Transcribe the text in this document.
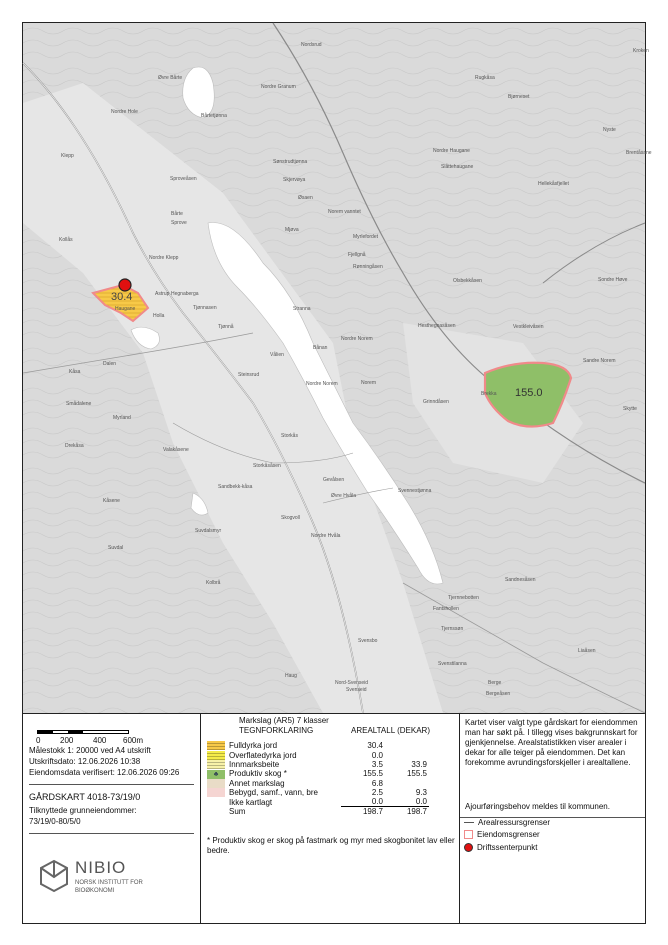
Nordre Hole
Øvre Bårte
Bårtetjønna
Sproveåsen
Klepp
Bårte
Sprove
Kollås
Nordre Klepp
Hegnaberga
Astrup
Haugane	Tjønnasen
Tjønnå
Holla
Steinsrud
Dalen
Kåsa
Smådalene
Myrland
Drekåsa
Valakåsene
Storkås
Storkåsåsen
Sandbekk-kåsa
Kåsene
Suvdalsmyr
Suvdal
Kolbrå
Nordsrud
Nordre Granum
Sønstrudtjønna
Skjervøya
Øsaen
Mjøva
Norem vanntet
Myrlefordet
Fjellgnå
Rønningåsen
Nordre Norem
Norem
Nordre Norem
Vålien
Bånan
Stranna
Rugkåsa
Bjørneset
Nordre Haugane
Slåttehaugane
Hellekåsfjellet
Kroken
Brentåsane
Nyste
Olsbekkåsen
Hesthegnasåsen	Vestkleivåsen
Sandre Norem
Sondre Høve
Brekka
Grinndåsen
Skytte
Gevålsen
Øvre Hvåla
Nordre Hvåla
Skogvoll
Svennestjønna
Sandnesåsen
Tjernnebotten
Fantshollen
Tjernssøn
Liaåsen
Svensbo
Svenstilanna
Haug
Svenseid
Berge
Bergeåsen
Nord-Svenseid
30.4
155.0
0 200 400 600m
Målestokk 1: 20000 ved A4 utskrift
Utskriftsdato: 12.06.2026 10:38
Eiendomsdata verifisert: 12.06.2026 09:26
GÅRDSKART 4018-73/19/0
Tilknyttede grunneiendommer:
73/19/0-80/5/0
NIBIO
NORSK INSTITUTT FOR
BIOØKONOMI
Markslag (AR5) 7 klasser
TEGNFORKLARING	AREALTALL (DEKAR)
	Fulldyrka jord	30.4	
	Overflatedyrka jord	0.0	
	Innmarksbeite	3.5	33.9
♣	Produktiv skog *	155.5	155.5
	Annet markslag	6.8	
	Bebygd, samf., vann, bre	2.5	9.3
	Ikke kartlagt	0.0	0.0
	Sum	198.7	198.7
* Produktiv skog er skog på fastmark og myr med skogbonitet lav eller bedre.
Kartet viser valgt type gårdskart for eiendommen man har søkt på. I tillegg vises bakgrunnskart for gjenkjennelse. Arealstatistikken viser arealer i dekar for alle teiger på eiendommen. Det kan forekomme avrundingsforskjeller i arealtallene.
Ajourføringsbehov meldes til kommunen.
Arealressursgrenser
Eiendomsgrenser
Driftssenterpunkt
